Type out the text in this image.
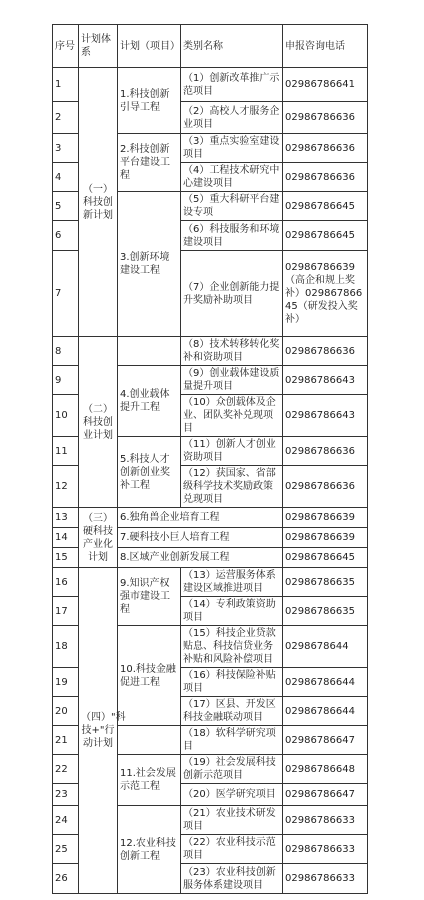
序号	计划体系	计划（项目）	类别名称	申报咨询电话
1	（一）科技创新计划	1.科技创新引导工程	（1）创新改革推广示范项目	02986786641
2			（2）高校人才服务企业项目	02986786636
3		2.科技创新平台建设工程	（3）重点实验室建设项目	02986786636
4			（4）工程技术研究中心建设项目	02986786636
5		3.创新环境建设工程	（5）重大科研平台建设专项	02986786645
6			（6）科技服务和环境建设项目	02986786645
7			（7）企业创新能力提升奖励补助项目	02986786639（高企和规上奖补）02986786645（研发投入奖补）
8	（二）科技创业计划		（8）技术转移转化奖补和资助项目	02986786636
9		4.创业载体提升工程	（9）创业载体建设质量提升项目	02986786643
10			（10）众创载体及企业、团队奖补兑现项目	02986786643
11		5.科技人才创新创业奖补工程	（11）创新人才创业资助项目	02986786636
12			（12）获国家、省部级科学技术奖励政策兑现项目	02986786636
13	（三）硬科技产业化计划	6.独角兽企业培育工程		02986786639
14		7.硬科技小巨人培育工程		02986786639
15		8.区域产业创新发展工程		02986786645
16	（四）"科技+"行动计划	9.知识产权强市建设工程	（13）运营服务体系建设区域推进项目	02986786635
17			（14）专利政策资助项目	02986786635
18		10.科技金融促进工程	（15）科技企业贷款贴息、科技信贷业务补贴和风险补偿项目	0298678644
19			（16）科技保险补贴项目	02986786644
20			（17）区县、开发区科技金融联动项目	02986786644
21			（18）软科学研究项目	02986786647
22		11.社会发展示范工程	（19）社会发展科技创新示范项目	02986786648
23			（20）医学研究项目	02986786647
24		12.农业科技创新工程	（21）农业技术研发项目	02986786633
25			（22）农业科技示范项目	02986786633
26			（23）农业科技创新服务体系建设项目	02986786633
